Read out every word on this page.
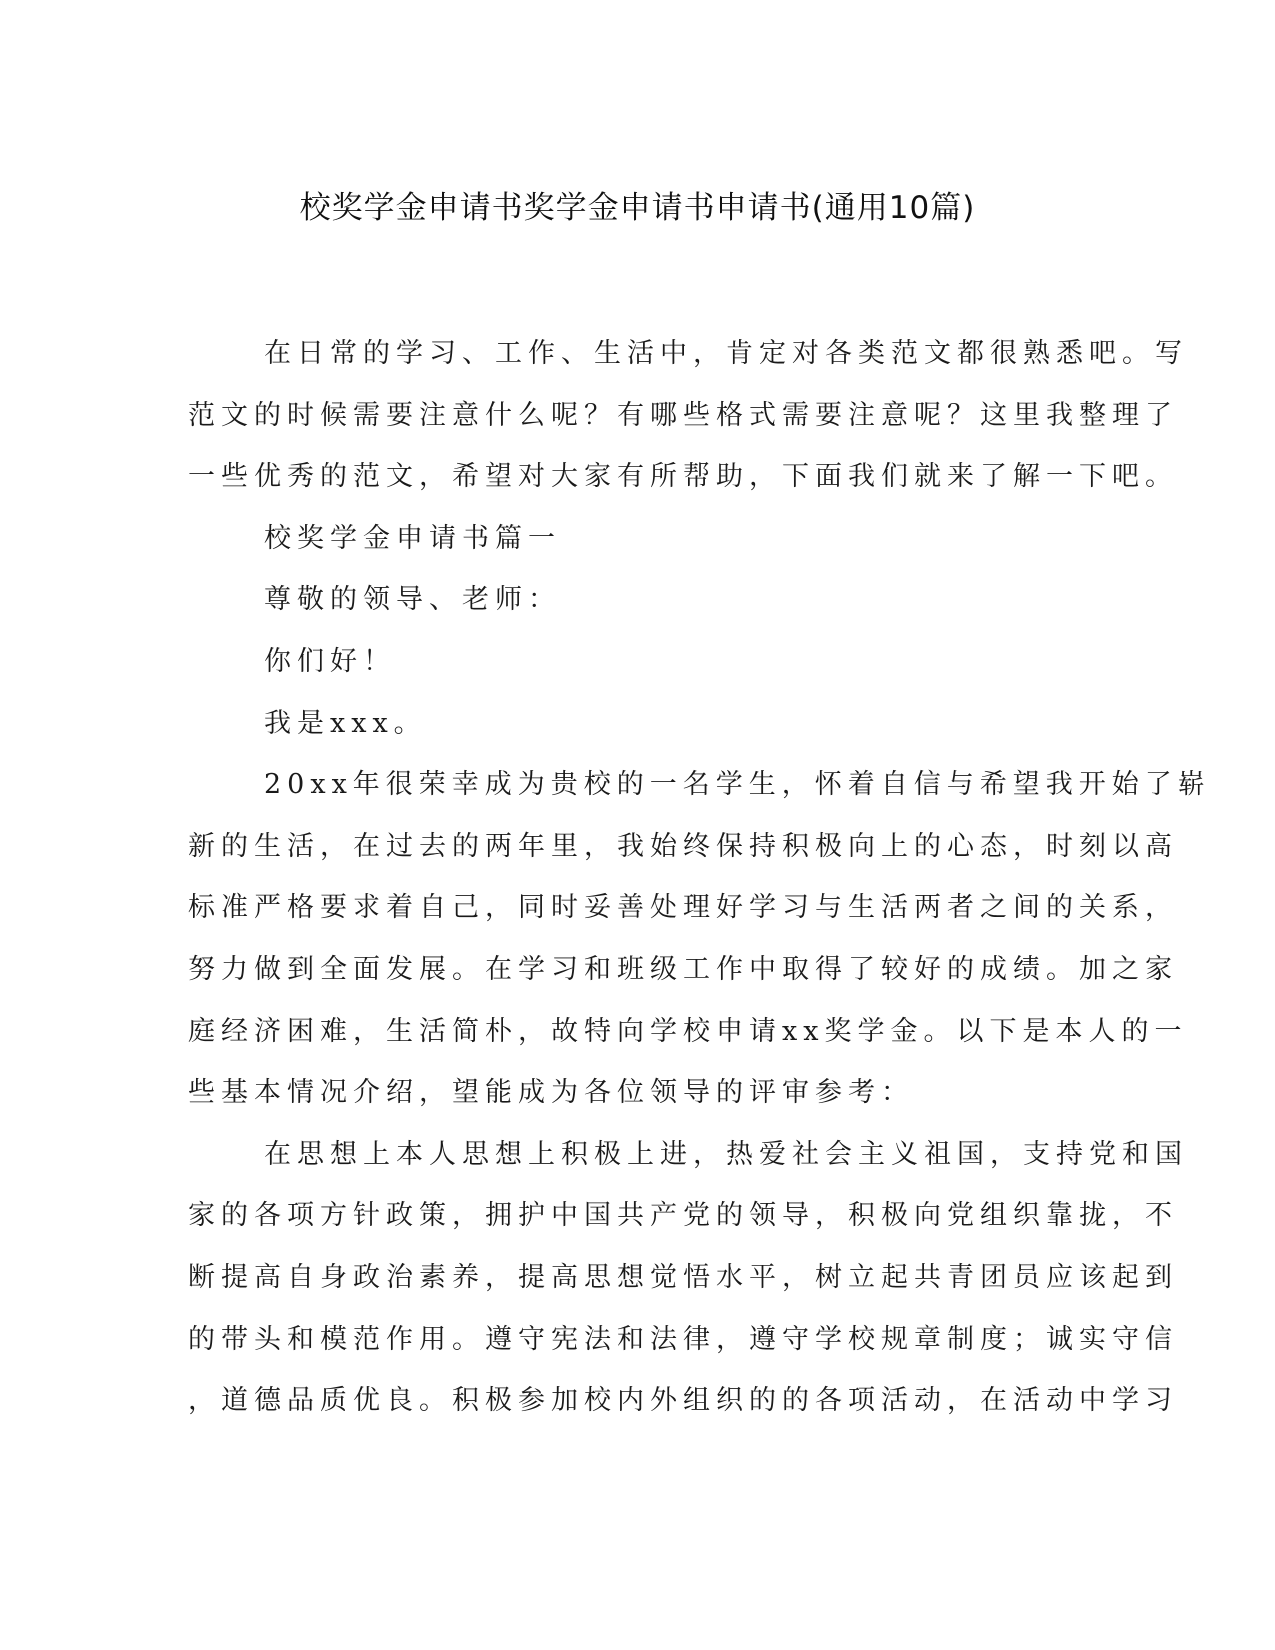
校奖学金申请书奖学金申请书申请书(通用10篇)
在日常的学习、工作、生活中，肯定对各类范文都很熟悉吧。写
范文的时候需要注意什么呢？有哪些格式需要注意呢？这里我整理了
一些优秀的范文，希望对大家有所帮助，下面我们就来了解一下吧。
校奖学金申请书篇一
尊敬的领导、老师：
你们好！
我是xxx。
20xx年很荣幸成为贵校的一名学生，怀着自信与希望我开始了崭
新的生活，在过去的两年里，我始终保持积极向上的心态，时刻以高
标准严格要求着自己，同时妥善处理好学习与生活两者之间的关系，
努力做到全面发展。在学习和班级工作中取得了较好的成绩。加之家
庭经济困难，生活简朴，故特向学校申请xx奖学金。以下是本人的一
些基本情况介绍，望能成为各位领导的评审参考：
在思想上本人思想上积极上进，热爱社会主义祖国，支持党和国
家的各项方针政策，拥护中国共产党的领导，积极向党组织靠拢，不
断提高自身政治素养，提高思想觉悟水平，树立起共青团员应该起到
的带头和模范作用。遵守宪法和法律，遵守学校规章制度；诚实守信
，道德品质优良。积极参加校内外组织的的各项活动，在活动中学习
